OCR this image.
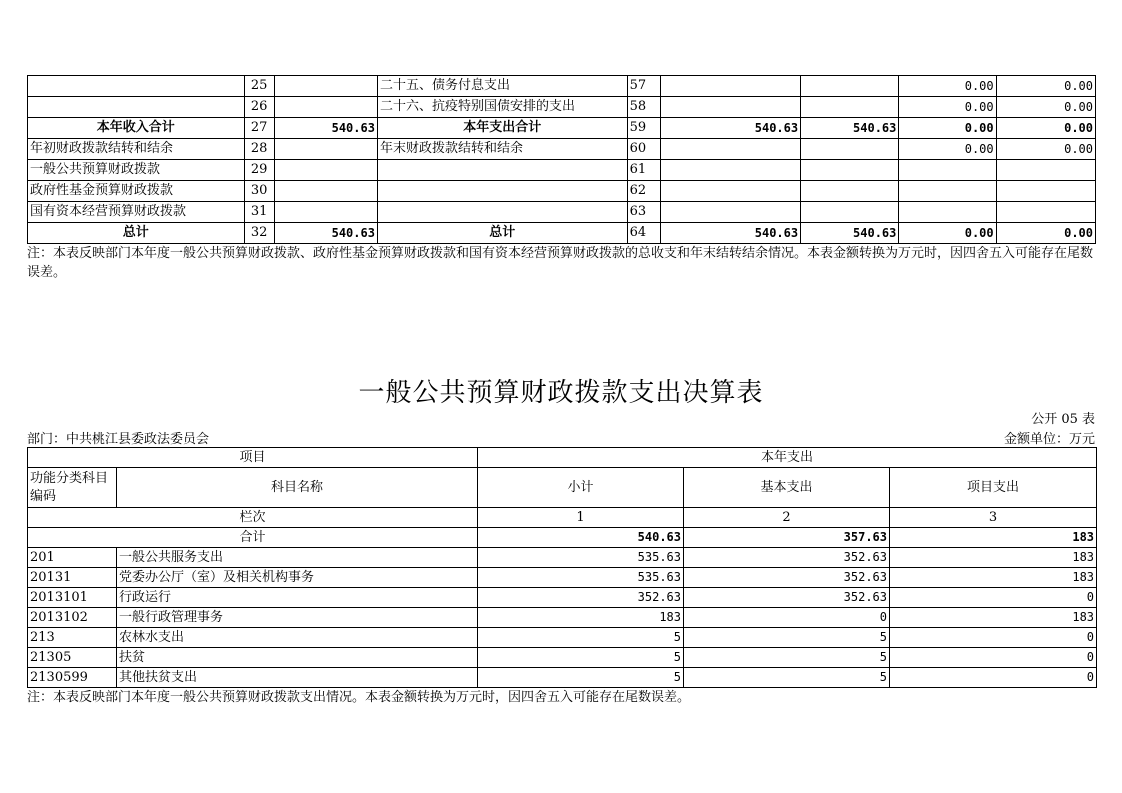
	25		二十五、债务付息支出	57			0.00	0.00
	26		二十六、抗疫特别国债安排的支出	58			0.00	0.00
本年收入合计	27	540.63	本年支出合计	59	540.63	540.63	0.00	0.00
年初财政拨款结转和结余	28		年末财政拨款结转和结余	60			0.00	0.00
一般公共预算财政拨款	29			61				
政府性基金预算财政拨款	30			62				
国有资本经营预算财政拨款	31			63				
总计	32	540.63	总计	64	540.63	540.63	0.00	0.00
注：本表反映部门本年度一般公共预算财政拨款、政府性基金预算财政拨款和国有资本经营预算财政拨款的总收支和年末结转结余情况。本表金额转换为万元时，因四舍五入可能存在尾数误差。
一般公共预算财政拨款支出决算表
公开 05 表
部门：中共桃江县委政法委员会	金额单位：万元
项目		本年支出		
功能分类科目编码	科目名称	小计	基本支出	项目支出
栏次		1	2	3
合计		540.63	357.63	183
201	一般公共服务支出	535.63	352.63	183
20131	党委办公厅（室）及相关机构事务	535.63	352.63	183
2013101	行政运行	352.63	352.63	0
2013102	一般行政管理事务	183	0	183
213	农林水支出	5	5	0
21305	扶贫	5	5	0
2130599	其他扶贫支出	5	5	0
注：本表反映部门本年度一般公共预算财政拨款支出情况。本表金额转换为万元时，因四舍五入可能存在尾数误差。
